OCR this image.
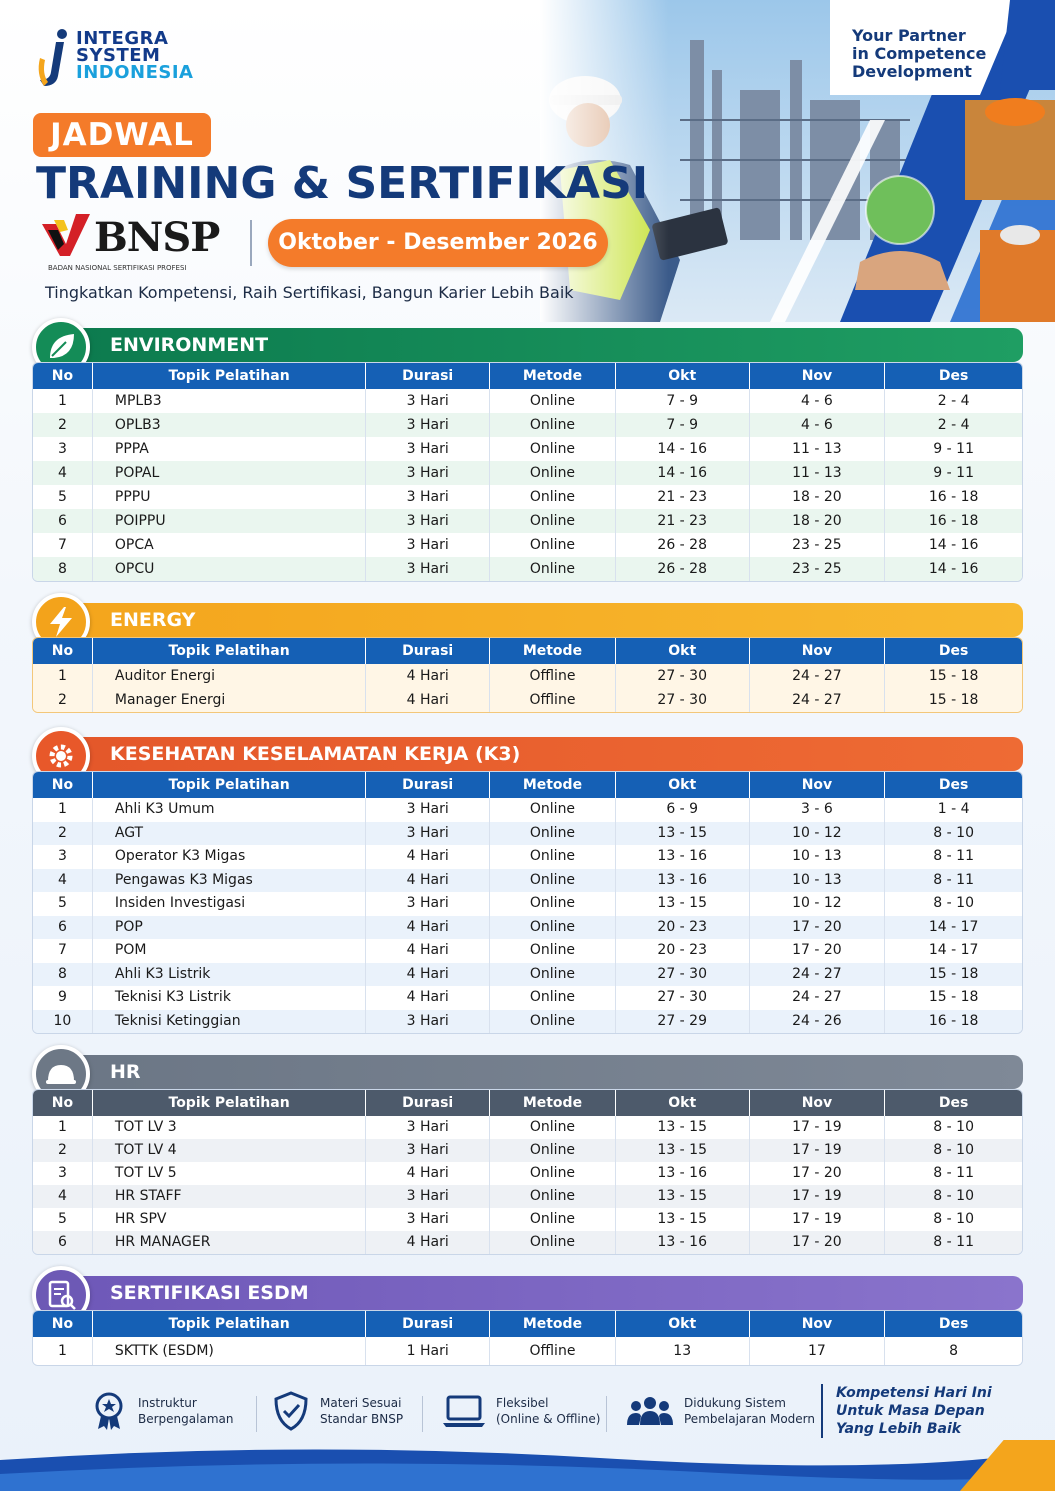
INTEGRA
SYSTEM
INDONESIA
JADWAL
TRAINING & SERTIFIKASI
BNSP
BADAN NASIONAL SERTIFIKASI PROFESI
Oktober - Desember 2026
Tingkatkan Kompetensi, Raih Sertifikasi, Bangun Karier Lebih Baik
Your Partner
in Competence
Development
ENVIRONMENT
No	Topik Pelatihan	Durasi	Metode	Okt	Nov	Des
1	MPLB3	3 Hari	Online	7 - 9	4 - 6	2 - 4
2	OPLB3	3 Hari	Online	7 - 9	4 - 6	2 - 4
3	PPPA	3 Hari	Online	14 - 16	11 - 13	9 - 11
4	POPAL	3 Hari	Online	14 - 16	11 - 13	9 - 11
5	PPPU	3 Hari	Online	21 - 23	18 - 20	16 - 18
6	POIPPU	3 Hari	Online	21 - 23	18 - 20	16 - 18
7	OPCA	3 Hari	Online	26 - 28	23 - 25	14 - 16
8	OPCU	3 Hari	Online	26 - 28	23 - 25	14 - 16
ENERGY
No	Topik Pelatihan	Durasi	Metode	Okt	Nov	Des
1	Auditor Energi	4 Hari	Offline	27 - 30	24 - 27	15 - 18
2	Manager Energi	4 Hari	Offline	27 - 30	24 - 27	15 - 18
KESEHATAN KESELAMATAN KERJA (K3)
No	Topik Pelatihan	Durasi	Metode	Okt	Nov	Des
1	Ahli K3 Umum	3 Hari	Online	6 - 9	3 - 6	1 - 4
2	AGT	3 Hari	Online	13 - 15	10 - 12	8 - 10
3	Operator K3 Migas	4 Hari	Online	13 - 16	10 - 13	8 - 11
4	Pengawas K3 Migas	4 Hari	Online	13 - 16	10 - 13	8 - 11
5	Insiden Investigasi	3 Hari	Online	13 - 15	10 - 12	8 - 10
6	POP	4 Hari	Online	20 - 23	17 - 20	14 - 17
7	POM	4 Hari	Online	20 - 23	17 - 20	14 - 17
8	Ahli K3 Listrik	4 Hari	Online	27 - 30	24 - 27	15 - 18
9	Teknisi K3 Listrik	4 Hari	Online	27 - 30	24 - 27	15 - 18
10	Teknisi Ketinggian	3 Hari	Online	27 - 29	24 - 26	16 - 18
HR
No	Topik Pelatihan	Durasi	Metode	Okt	Nov	Des
1	TOT LV 3	3 Hari	Online	13 - 15	17 - 19	8 - 10
2	TOT LV 4	3 Hari	Online	13 - 15	17 - 19	8 - 10
3	TOT LV 5	4 Hari	Online	13 - 16	17 - 20	8 - 11
4	HR STAFF	3 Hari	Online	13 - 15	17 - 19	8 - 10
5	HR SPV	3 Hari	Online	13 - 15	17 - 19	8 - 10
6	HR MANAGER	4 Hari	Online	13 - 16	17 - 20	8 - 11
SERTIFIKASI ESDM
No	Topik Pelatihan	Durasi	Metode	Okt	Nov	Des
1	SKTTK (ESDM)	1 Hari	Offline	13	17	8
Instruktur
Berpengalaman
Materi Sesuai
Standar BNSP
Fleksibel
(Online & Offline)
Didukung Sistem
Pembelajaran Modern
Kompetensi Hari Ini
Untuk Masa Depan
Yang Lebih Baik
